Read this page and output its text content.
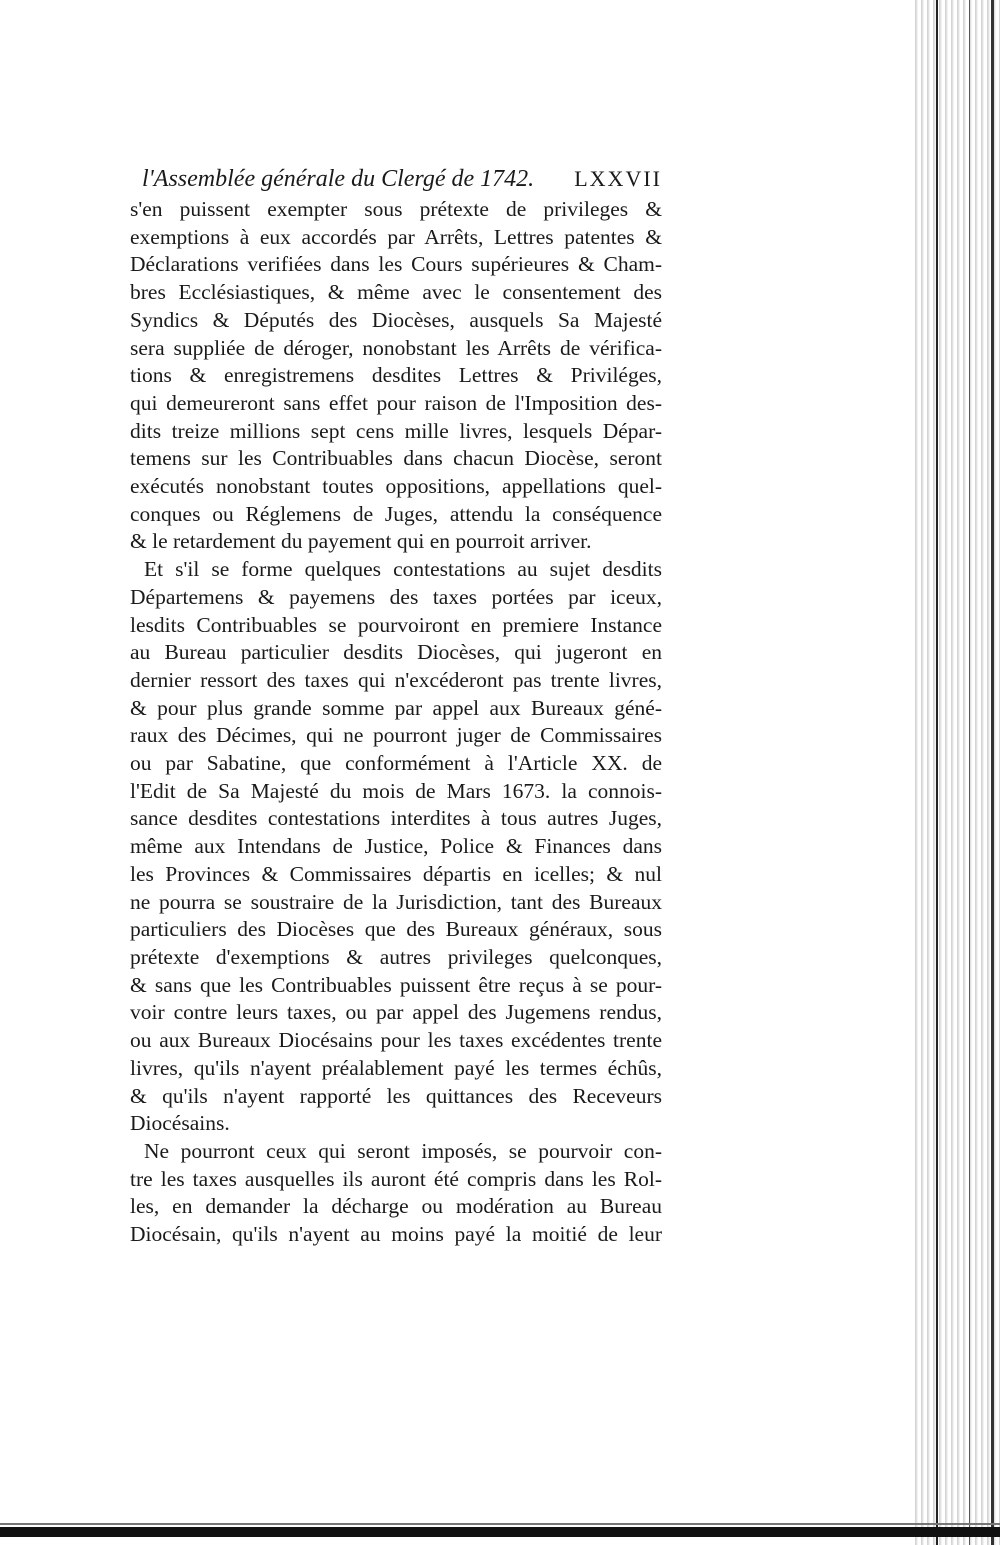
l'Assemblée générale du Clergé de 1742. LXXVII
s'en puissent exempter sous prétexte de privileges &
exemptions à eux accordés par Arrêts, Lettres patentes &
Déclarations verifiées dans les Cours supérieures & Cham-
bres Ecclésiastiques, & même avec le consentement des
Syndics & Députés des Diocèses, ausquels Sa Majesté
sera suppliée de déroger, nonobstant les Arrêts de vérifica-
tions & enregistremens desdites Lettres & Priviléges,
qui demeureront sans effet pour raison de l'Imposition des-
dits treize millions sept cens mille livres, lesquels Dépar-
temens sur les Contribuables dans chacun Diocèse, seront
exécutés nonobstant toutes oppositions, appellations quel-
conques ou Réglemens de Juges, attendu la conséquence
& le retardement du payement qui en pourroit arriver.
Et s'il se forme quelques contestations au sujet desdits
Départemens & payemens des taxes portées par iceux,
lesdits Contribuables se pourvoiront en premiere Instance
au Bureau particulier desdits Diocèses, qui jugeront en
dernier ressort des taxes qui n'excéderont pas trente livres,
& pour plus grande somme par appel aux Bureaux géné-
raux des Décimes, qui ne pourront juger de Commissaires
ou par Sabatine, que conformément à l'Article XX. de
l'Edit de Sa Majesté du mois de Mars 1673. la connois-
sance desdites contestations interdites à tous autres Juges,
même aux Intendans de Justice, Police & Finances dans
les Provinces & Commissaires départis en icelles; & nul
ne pourra se soustraire de la Jurisdiction, tant des Bureaux
particuliers des Diocèses que des Bureaux généraux, sous
prétexte d'exemptions & autres privileges quelconques,
& sans que les Contribuables puissent être reçus à se pour-
voir contre leurs taxes, ou par appel des Jugemens rendus,
ou aux Bureaux Diocésains pour les taxes excédentes trente
livres, qu'ils n'ayent préalablement payé les termes échûs,
& qu'ils n'ayent rapporté les quittances des Receveurs
Diocésains.
Ne pourront ceux qui seront imposés, se pourvoir con-
tre les taxes ausquelles ils auront été compris dans les Rol-
les, en demander la décharge ou modération au Bureau
Diocésain, qu'ils n'ayent au moins payé la moitié de leur
